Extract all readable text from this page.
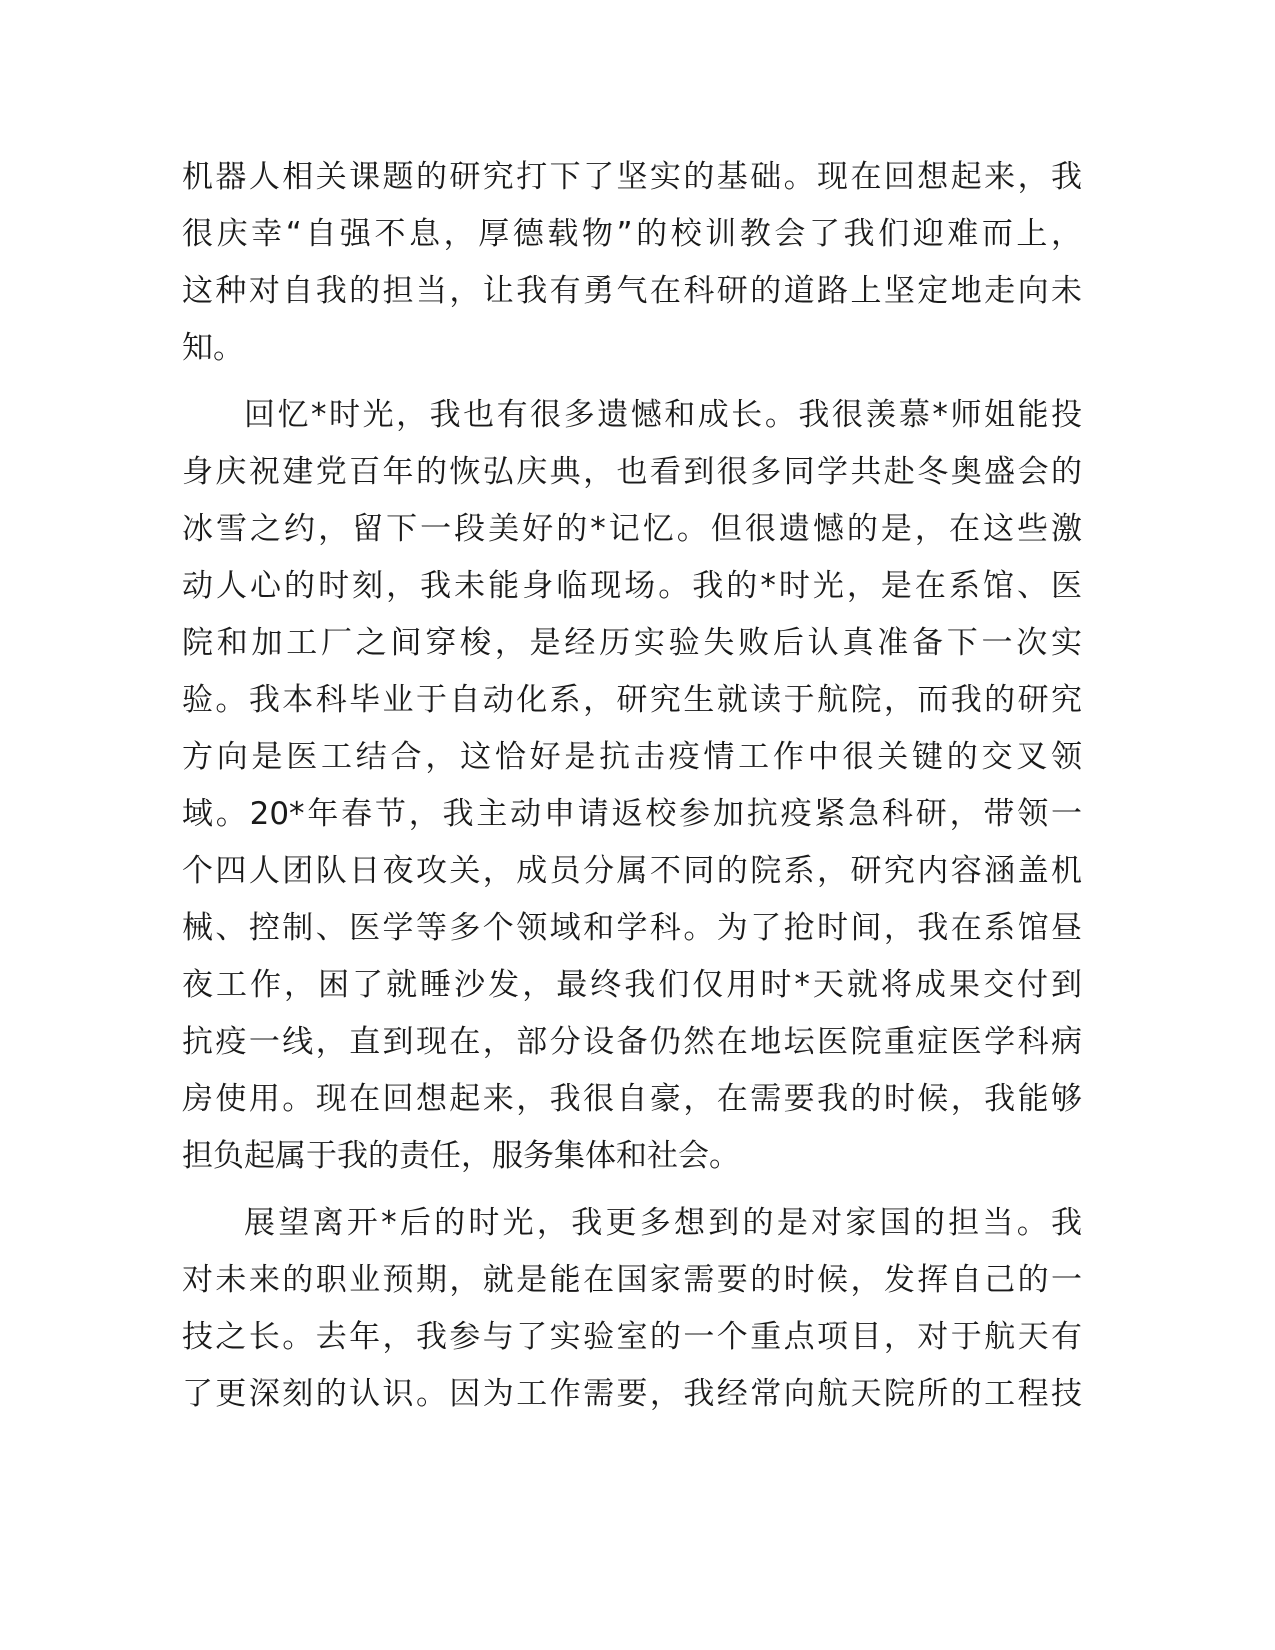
机器人相关课题的研究打下了坚实的基础。现在回想起来，我
很庆幸“自强不息，厚德载物”的校训教会了我们迎难而上，
这种对自我的担当，让我有勇气在科研的道路上坚定地走向未
知。
回忆*时光，我也有很多遗憾和成长。我很羡慕*师姐能投
身庆祝建党百年的恢弘庆典，也看到很多同学共赴冬奥盛会的
冰雪之约，留下一段美好的*记忆。但很遗憾的是，在这些激
动人心的时刻，我未能身临现场。我的*时光，是在系馆、医
院和加工厂之间穿梭，是经历实验失败后认真准备下一次实
验。我本科毕业于自动化系，研究生就读于航院，而我的研究
方向是医工结合，这恰好是抗击疫情工作中很关键的交叉领
域。20*年春节，我主动申请返校参加抗疫紧急科研，带领一
个四人团队日夜攻关，成员分属不同的院系，研究内容涵盖机
械、控制、医学等多个领域和学科。为了抢时间，我在系馆昼
夜工作，困了就睡沙发，最终我们仅用时*天就将成果交付到
抗疫一线，直到现在，部分设备仍然在地坛医院重症医学科病
房使用。现在回想起来，我很自豪，在需要我的时候，我能够
担负起属于我的责任，服务集体和社会。
展望离开*后的时光，我更多想到的是对家国的担当。我
对未来的职业预期，就是能在国家需要的时候，发挥自己的一
技之长。去年，我参与了实验室的一个重点项目，对于航天有
了更深刻的认识。因为工作需要，我经常向航天院所的工程技
